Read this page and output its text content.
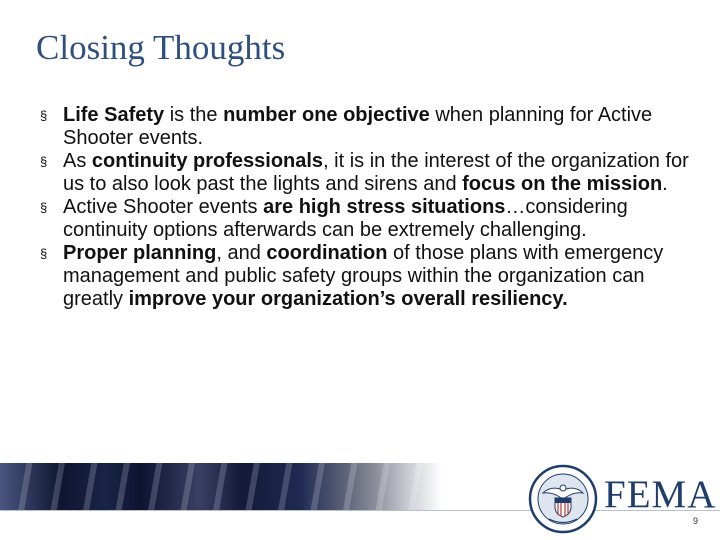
Closing Thoughts
§ Life Safety is the number one objective when planning for Active Shooter events.
§ As continuity professionals, it is in the interest of the organization for us to also look past the lights and sirens and focus on the mission.
§ Active Shooter events are high stress situations…considering continuity options afterwards can be extremely challenging.
§ Proper planning, and coordination of those plans with emergency management and public safety groups within the organization can greatly improve your organization’s overall resiliency.
FEMA
9
